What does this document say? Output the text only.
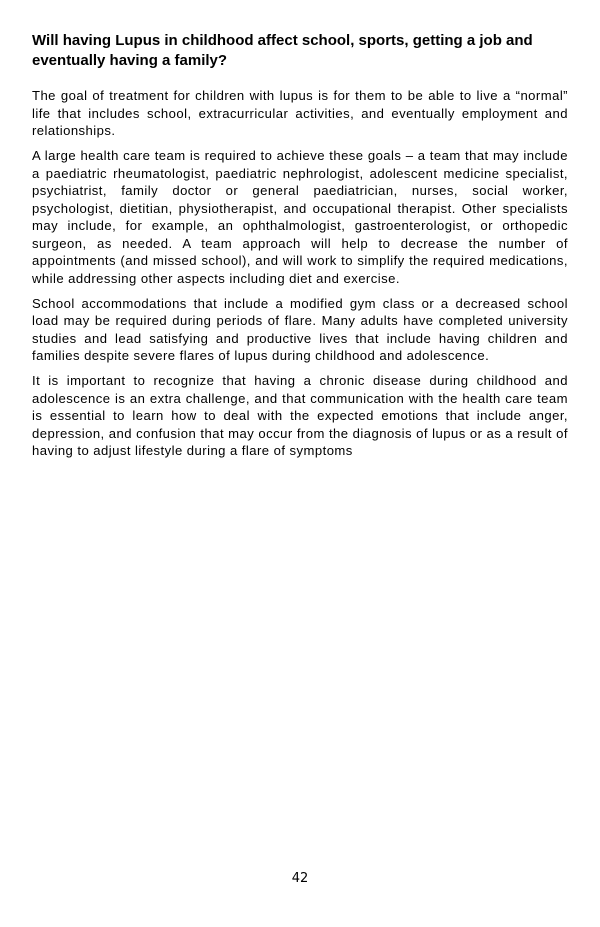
Will having Lupus in childhood affect school, sports, getting a job and eventually having a family?

The goal of treatment for children with lupus is for them to be able to live a “normal” life that includes school, extracurricular activities, and eventually employment and relationships.

A large health care team is required to achieve these goals – a team that may include a paediatric rheumatologist, paediatric nephrologist, adolescent medicine specialist, psychiatrist, family doctor or general paediatrician, nurses, social worker, psychologist, dietitian, physiotherapist, and occupational therapist. Other specialists may include, for example, an ophthalmologist, gastroenterologist, or orthopedic surgeon, as needed. A team approach will help to decrease the number of appointments (and missed school), and will work to simplify the required medications, while addressing other aspects including diet and exercise.

School accommodations that include a modified gym class or a decreased school load may be required during periods of flare. Many adults have completed university studies and lead satisfying and productive lives that include having children and families despite severe flares of lupus during childhood and adolescence.

It is important to recognize that having a chronic disease during childhood and adolescence is an extra challenge, and that communication with the health care team is essential to learn how to deal with the expected emotions that include anger, depression, and confusion that may occur from the diagnosis of lupus or as a result of having to adjust lifestyle during a flare of symptoms

42
